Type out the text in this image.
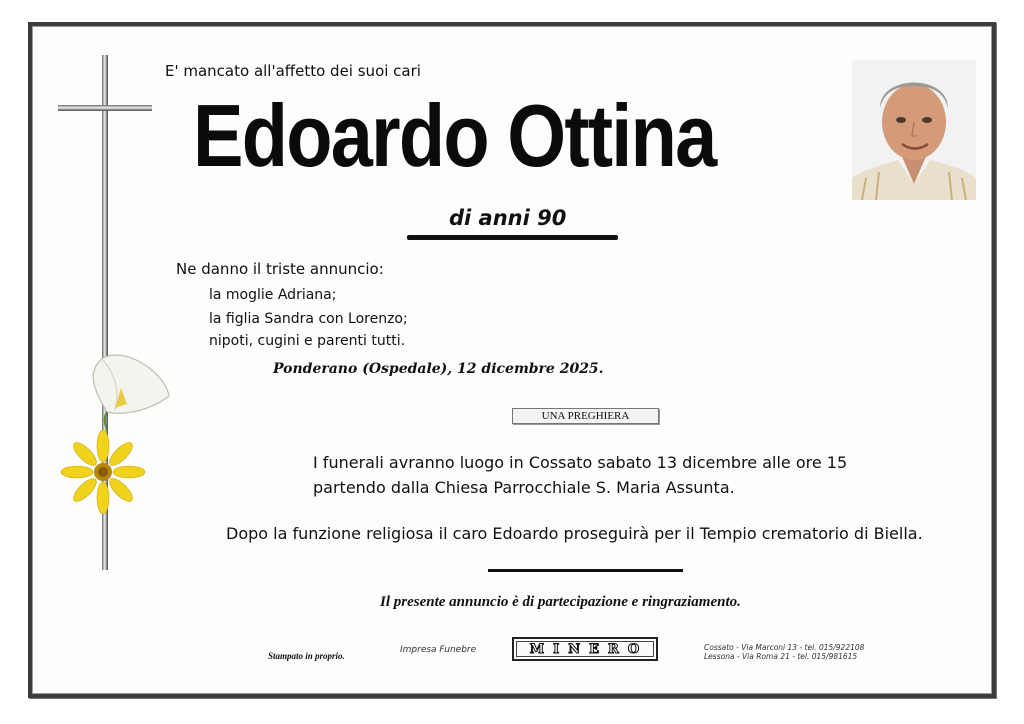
E' mancato all'affetto dei suoi cari
Edoardo Ottina
di anni 90
Ne danno il triste annuncio:
la moglie Adriana;
la figlia Sandra con Lorenzo;
nipoti, cugini e parenti tutti.
Ponderano (Ospedale), 12 dicembre 2025.
UNA PREGHIERA
I funerali avranno luogo in Cossato sabato 13 dicembre alle ore 15
partendo dalla Chiesa Parrocchiale S. Maria Assunta.
Dopo la funzione religiosa il caro Edoardo proseguirà per il Tempio crematorio di Biella.
Il presente annuncio è di partecipazione e ringraziamento.
Stampato in proprio.
Impresa Funebre	MINERO	Cossato - Via Marconi 13 - tel. 015/922108
Lessona - Via Roma 21 - tel. 015/981615
